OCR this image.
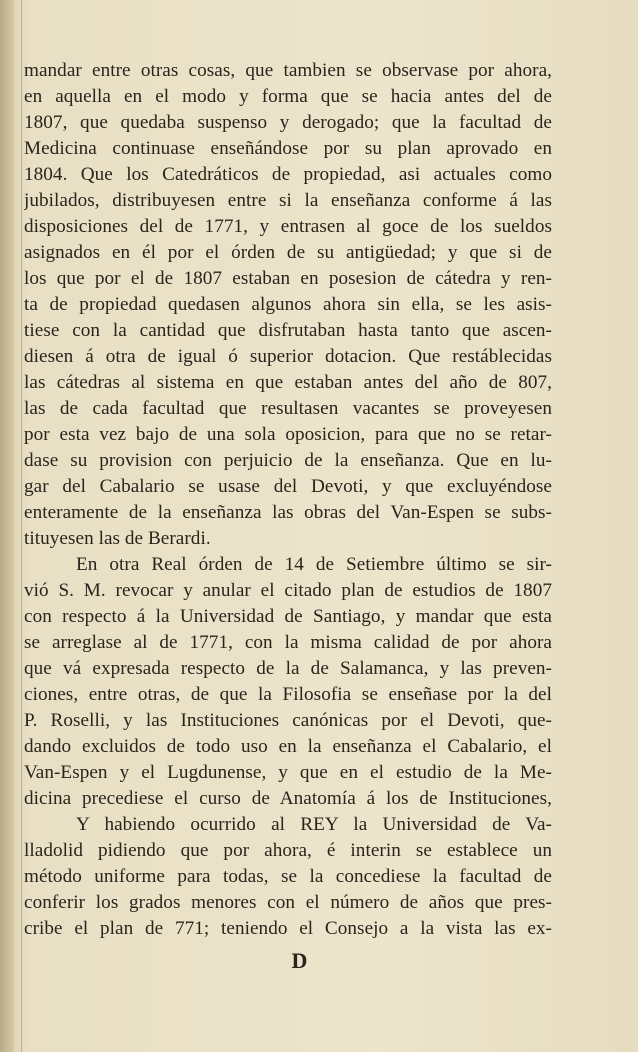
mandar entre otras cosas, que tambien se observase por ahora,
en aquella en el modo y forma que se hacia antes del de
1807, que quedaba suspenso y derogado; que la facultad de
Medicina continuase enseñándose por su plan aprovado en
1804. Que los Catedráticos de propiedad, asi actuales como
jubilados, distribuyesen entre si la enseñanza conforme á las
disposiciones del de 1771, y entrasen al goce de los sueldos
asignados en él por el órden de su antigüedad; y que si de
los que por el de 1807 estaban en posesion de cátedra y ren-
ta de propiedad quedasen algunos ahora sin ella, se les asis-
tiese con la cantidad que disfrutaban hasta tanto que ascen-
diesen á otra de igual ó superior dotacion. Que restáblecidas
las cátedras al sistema en que estaban antes del año de 807,
las de cada facultad que resultasen vacantes se proveyesen
por esta vez bajo de una sola oposicion, para que no se retar-
dase su provision con perjuicio de la enseñanza. Que en lu-
gar del Cabalario se usase del Devoti, y que excluyéndose
enteramente de la enseñanza las obras del Van-Espen se subs-
tituyesen las de Berardi.
En otra Real órden de 14 de Setiembre último se sir-
vió S. M. revocar y anular el citado plan de estudios de 1807
con respecto á la Universidad de Santiago, y mandar que esta
se arreglase al de 1771, con la misma calidad de por ahora
que vá expresada respecto de la de Salamanca, y las preven-
ciones, entre otras, de que la Filosofia se enseñase por la del
P. Roselli, y las Instituciones canónicas por el Devoti, que-
dando excluidos de todo uso en la enseñanza el Cabalario, el
Van-Espen y el Lugdunense, y que en el estudio de la Me-
dicina precediese el curso de Anatomía á los de Instituciones,
Y habiendo ocurrido al REY la Universidad de Va-
lladolid pidiendo que por ahora, é interin se establece un
método uniforme para todas, se la concediese la facultad de
conferir los grados menores con el número de años que pres-
cribe el plan de 771; teniendo el Consejo a la vista las ex-
D
